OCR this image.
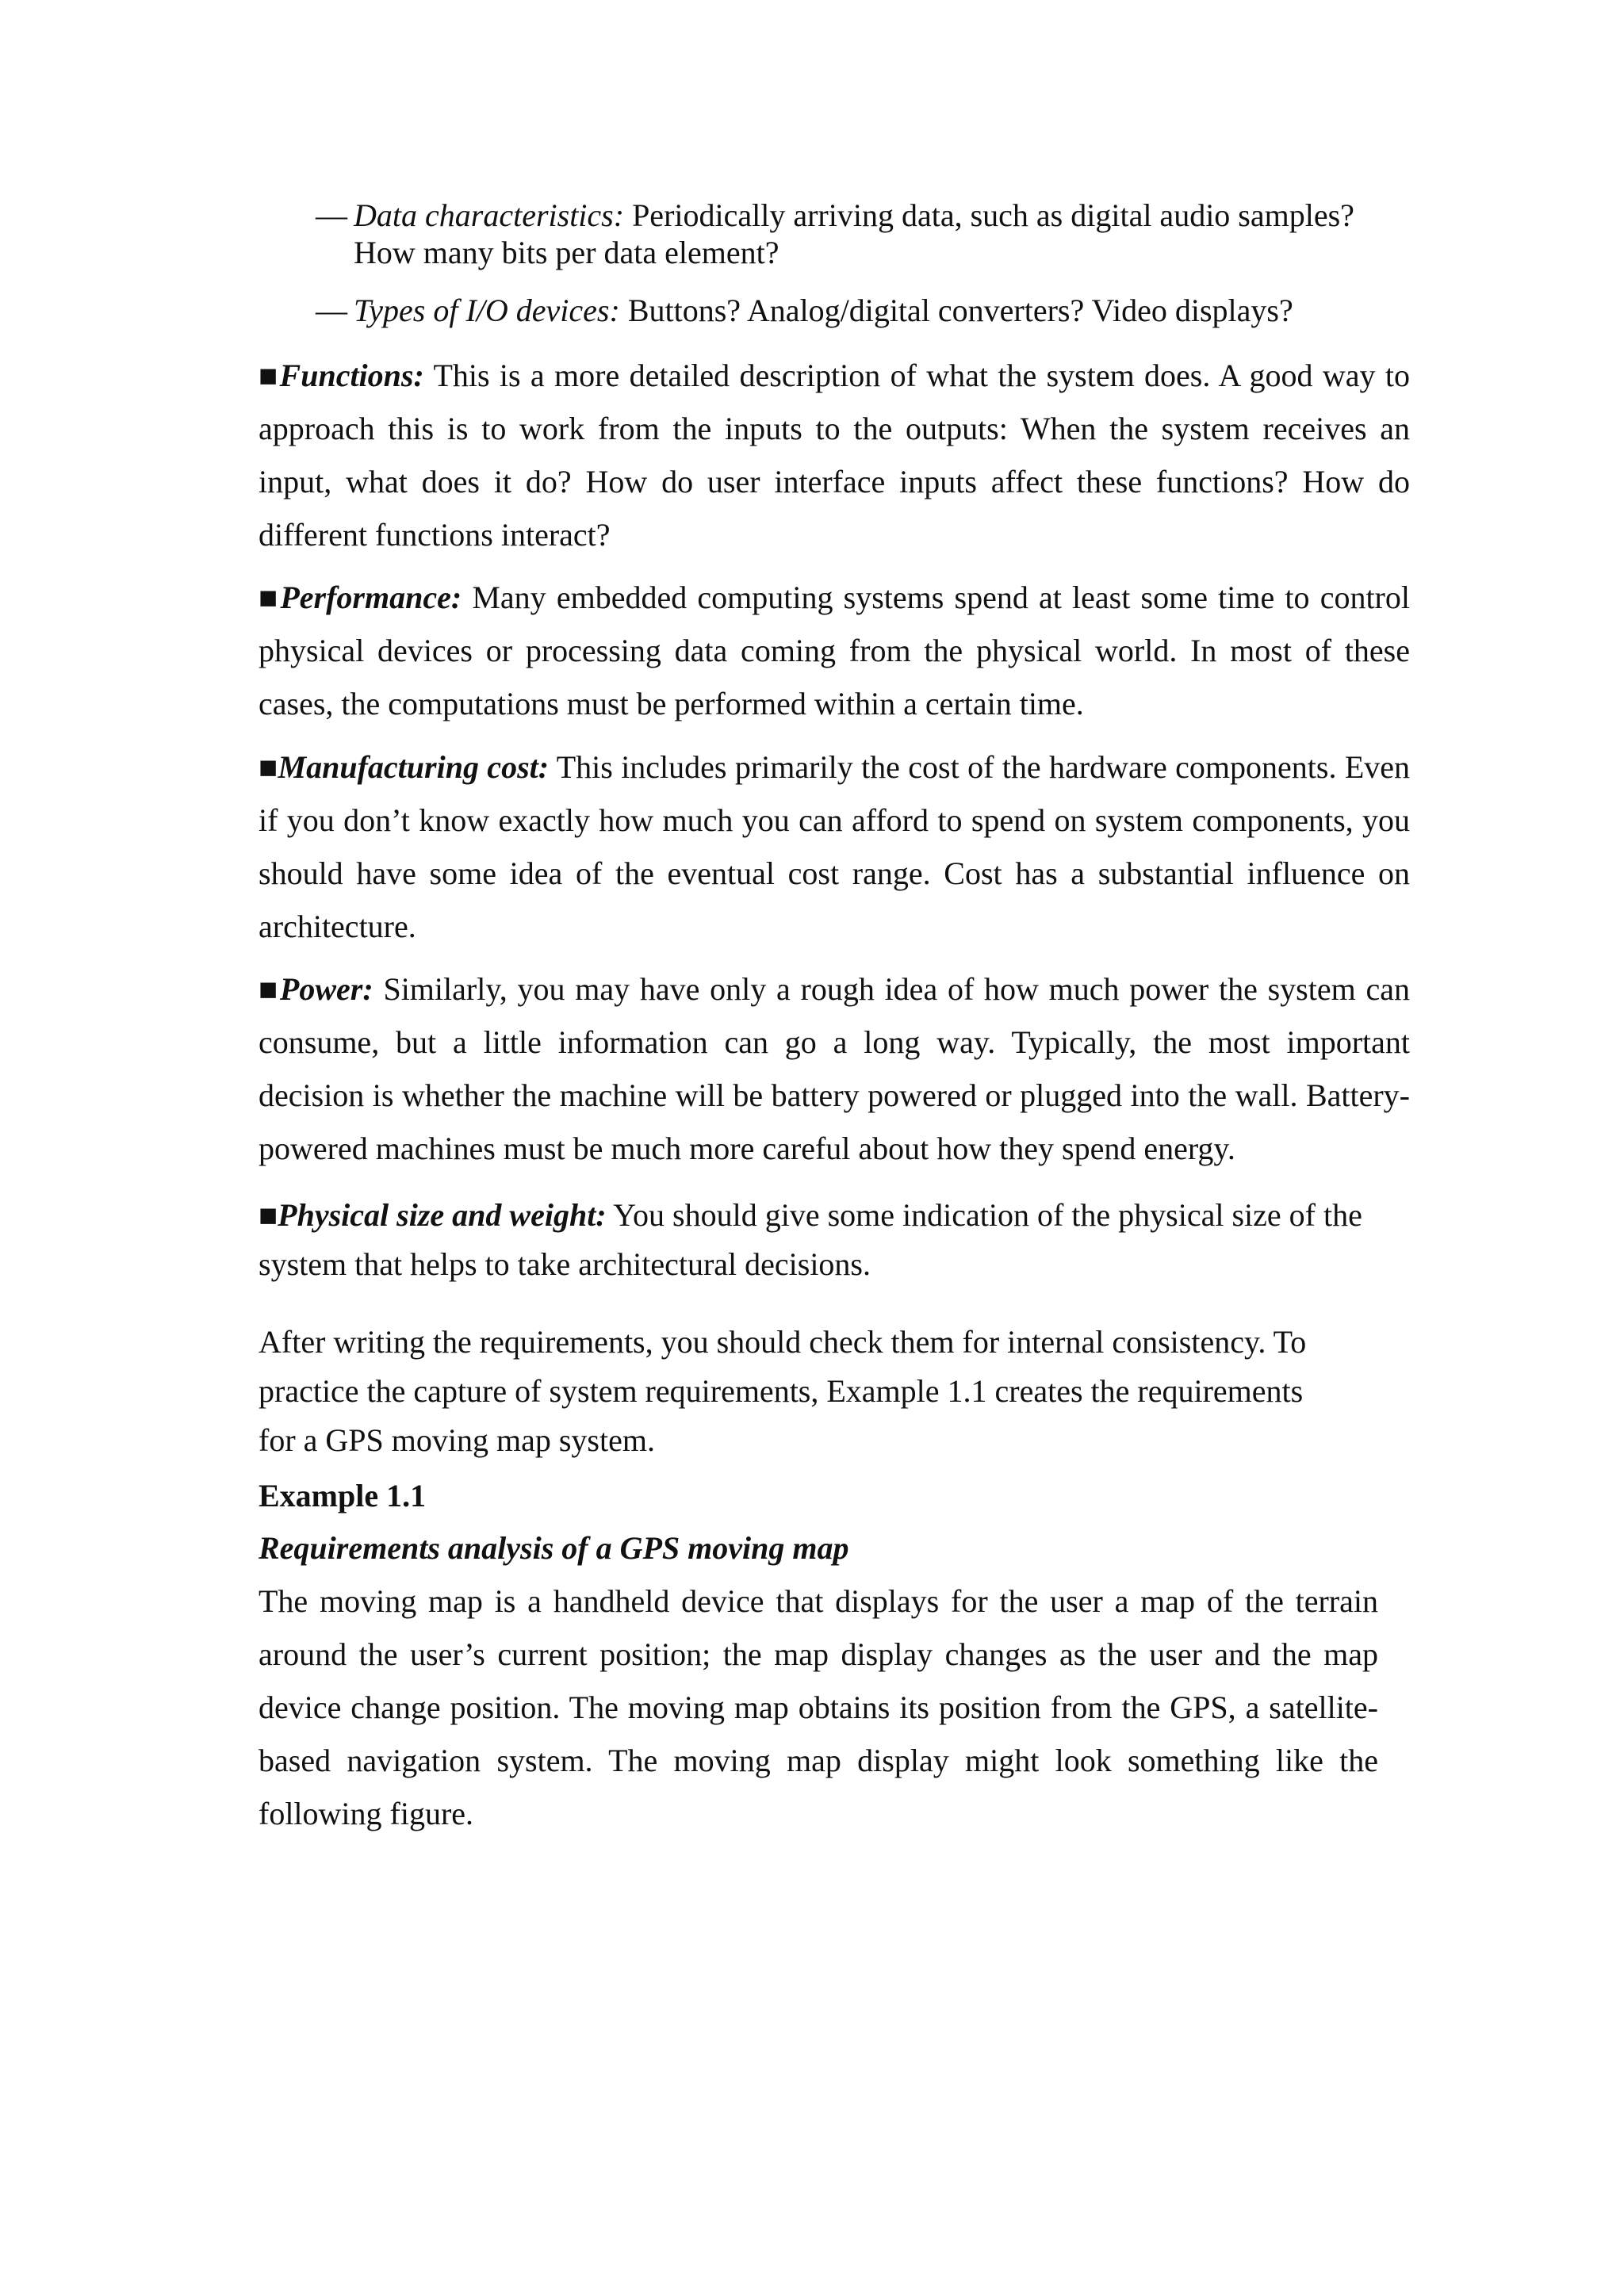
— Data characteristics: Periodically arriving data, such as digital audio samples?
How many bits per data element?
— Types of I/O devices: Buttons? Analog/digital converters? Video displays?

■Functions: This is a more detailed description of what the system does. A good way to approach this is to work from the inputs to the outputs: When the system receives an input, what does it do? How do user interface inputs affect these functions? How do different functions interact?

■Performance: Many embedded computing systems spend at least some time to control physical devices or processing data coming from the physical world. In most of these cases, the computations must be performed within a certain time.

■Manufacturing cost: This includes primarily the cost of the hardware components. Even if you don’t know exactly how much you can afford to spend on system components, you should have some idea of the eventual cost range. Cost has a substantial influence on architecture.

■Power: Similarly, you may have only a rough idea of how much power the system can consume, but a little information can go a long way. Typically, the most important decision is whether the machine will be battery powered or plugged into the wall. Battery-powered machines must be much more careful about how they spend energy.

■Physical size and weight: You should give some indication of the physical size of the system that helps to take architectural decisions.

After writing the requirements, you should check them for internal consistency. To
practice the capture of system requirements, Example 1.1 creates the requirements
for a GPS moving map system.

Example 1.1
Requirements analysis of a GPS moving map

The moving map is a handheld device that displays for the user a map of the terrain around the user’s current position; the map display changes as the user and the map device change position. The moving map obtains its position from the GPS, a satellite-based navigation system. The moving map display might look something like the following figure.
